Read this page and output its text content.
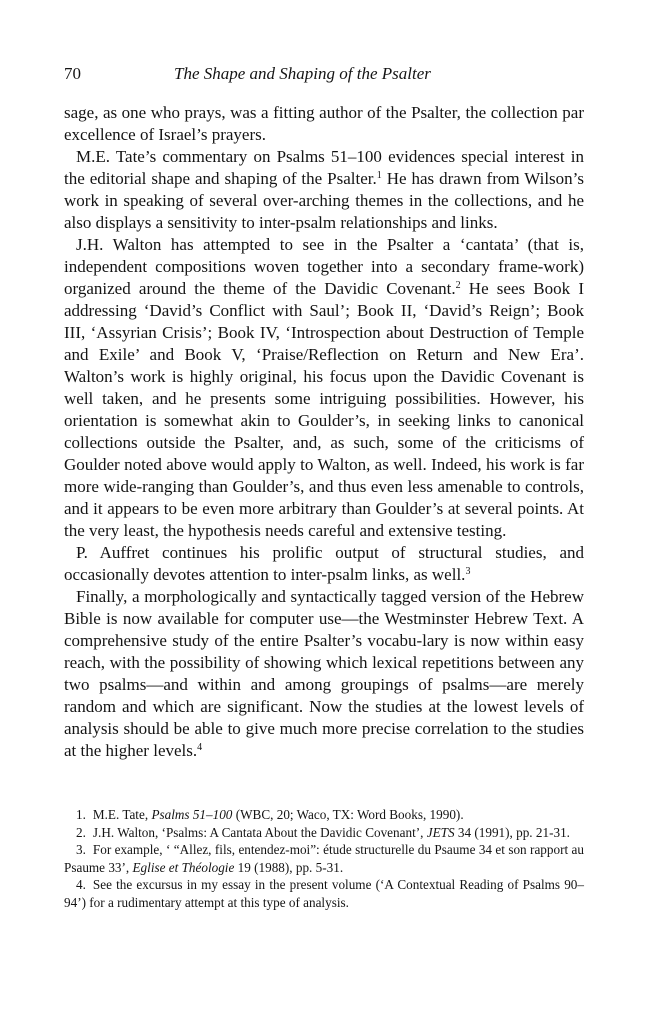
70	The Shape and Shaping of the Psalter

sage, as one who prays, was a fitting author of the Psalter, the collection par excellence of Israel’s prayers.

M.E. Tate’s commentary on Psalms 51–100 evidences special interest in the editorial shape and shaping of the Psalter.$^1$ He has drawn from Wilson’s work in speaking of several over-arching themes in the collections, and he also displays a sensitivity to inter-psalm relationships and links.

J.H. Walton has attempted to see in the Psalter a ‘cantata’ (that is, independent compositions woven together into a secondary frame-work) organized around the theme of the Davidic Covenant.$^2$ He sees Book I addressing ‘David’s Conflict with Saul’; Book II, ‘David’s Reign’; Book III, ‘Assyrian Crisis’; Book IV, ‘Introspection about Destruction of Temple and Exile’ and Book V, ‘Praise/Reflection on Return and New Era’. Walton’s work is highly original, his focus upon the Davidic Covenant is well taken, and he presents some intriguing possibilities. However, his orientation is somewhat akin to Goulder’s, in seeking links to canonical collections outside the Psalter, and, as such, some of the criticisms of Goulder noted above would apply to Walton, as well. Indeed, his work is far more wide-ranging than Goulder’s, and thus even less amenable to controls, and it appears to be even more arbitrary than Goulder’s at several points. At the very least, the hypothesis needs careful and extensive testing.

P. Auffret continues his prolific output of structural studies, and occasionally devotes attention to inter-psalm links, as well.$^3$

Finally, a morphologically and syntactically tagged version of the Hebrew Bible is now available for computer use—the Westminster Hebrew Text. A comprehensive study of the entire Psalter’s vocabu-lary is now within easy reach, with the possibility of showing which lexical repetitions between any two psalms—and within and among groupings of psalms—are merely random and which are significant. Now the studies at the lowest levels of analysis should be able to give much more precise correlation to the studies at the higher levels.$^4$

1. M.E. Tate, Psalms 51–100 (WBC, 20; Waco, TX: Word Books, 1990).

2. J.H. Walton, ‘Psalms: A Cantata About the Davidic Covenant’, JETS 34 (1991), pp. 21-31.

3. For example, ‘ “Allez, fils, entendez-moi”: étude structurelle du Psaume 34 et son rapport au Psaume 33’, Eglise et Théologie 19 (1988), pp. 5-31.

4. See the excursus in my essay in the present volume (‘A Contextual Reading of Psalms 90–94’) for a rudimentary attempt at this type of analysis.
